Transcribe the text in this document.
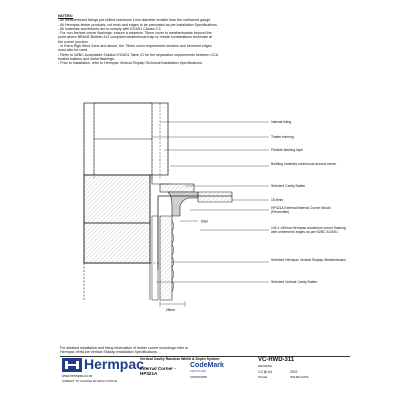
NOTES:
- All weatherboard fixings pre-drilled maximum 1mm diameter smaller than the nail/screw gauge.
- All Hermpac timber products, cut ends and edges to be precoated as per installation Specifications.
- All materials and fixtures are to comply with E2/AS1 Clause 2.3
- For non-fire/wet corner flashings, ensure a minimum 75mm cover to weatherboards beyond the
point where BRANZ Bulletin 411 compliant weatherboard lap or rebate combinations terminate at
the corner junction.
- In Extra High Wind Zone and above, the 75mm cover requirement remains and hemmed edges
must also be used.
- Refer to NZBC Acceptable Solution E2/AS1 Table 21 for the separation requirements between CCA
treated battens and metal flashings.
- Prior to installation, refer to Hermpac Vertical Shiplap Technical Installation Specifications.
5mm
25mm
Internal lining
Timber framing
Flexible flashing tape
Building underlay continuous around corner
Selected Cavity Batten
18.5mm
HP321A External/Internal Corner Mould (Reversible)
140 x 140mm Hermpac aluminium corner flashing with unhemmed edges as per NZBC E2/AS1
Selected Hermpac Vertical Shiplap Weatherboard
Selected Vertical Cavity Batten
For detailed installation and fixing information of timber corner mouldings refer to
Hermpac VertiLine Vertical Shiplap Installation Specifications.
Hermpac
www.hermpac.co.nz
SUBJECT TO CHANGE WITHOUT NOTICE
Vertical Cavity Random Width & Depth System
Internal Corner -
HP321A
CodeMark
CERTIFIED
CMNZ70006
VC-RWD-311
DRAWING
1:2 @ A4
SCALE
2022
ISSUED DATE
